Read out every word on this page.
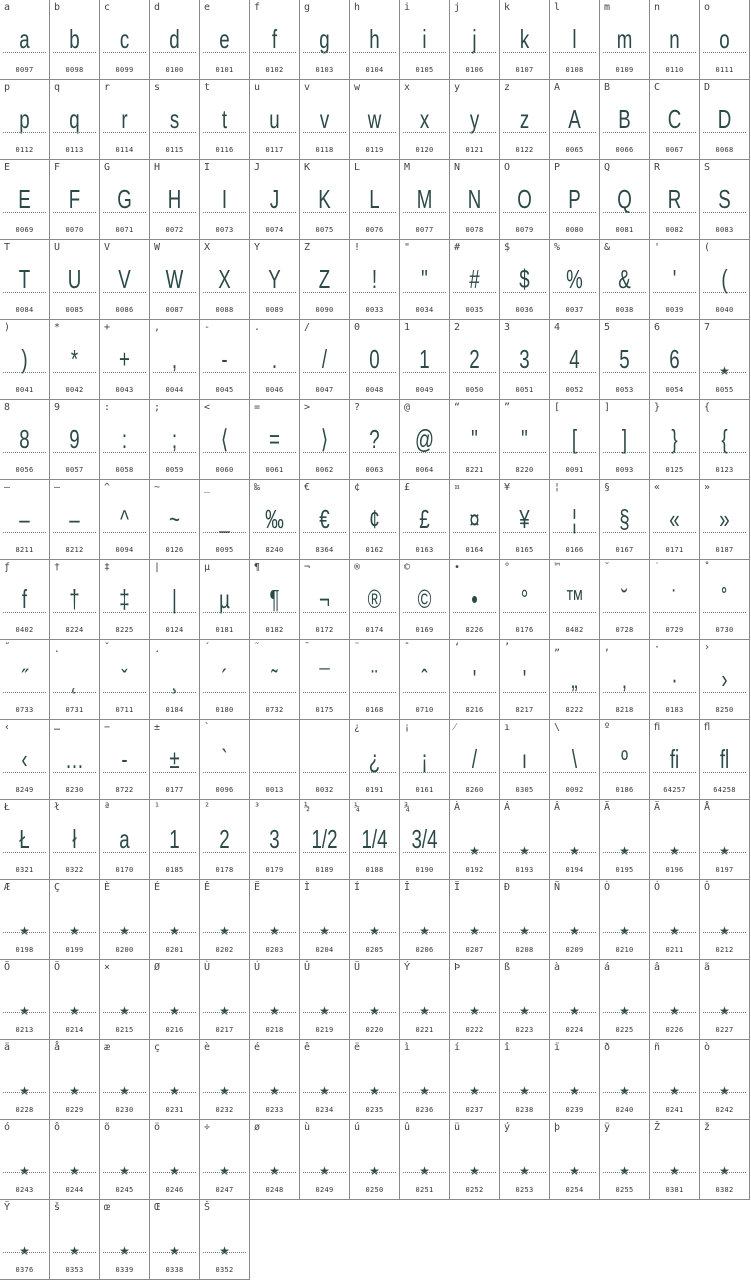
a
a
0097
b
b
0098
c
c
0099
d
d
0100
e
e
0101
f
f
0102
g
g
0103
h
h
0104
i
i
0105
j
j
0106
k
k
0107
l
l
0108
m
m
0109
n
n
0110
o
o
0111
p
p
0112
q
q
0113
r
r
0114
s
s
0115
t
t
0116
u
u
0117
v
v
0118
w
w
0119
x
x
0120
y
y
0121
z
z
0122
A
A
0065
B
B
0066
C
C
0067
D
D
0068
E
E
0069
F
F
0070
G
G
0071
H
H
0072
I
I
0073
J
J
0074
K
K
0075
L
L
0076
M
M
0077
N
N
0078
O
O
0079
P
P
0080
Q
Q
0081
R
R
0082
S
S
0083
T
T
0084
U
U
0085
V
V
0086
W
W
0087
X
X
0088
Y
Y
0089
Z
Z
0090
!
!
0033
"
"
0034
#
#
0035
$
$
0036
%
%
0037
&
&
0038
'
'
0039
(
(
0040
)
)
0041
*
*
0042
+
+
0043
,
,
0044
-
-
0045
.
.
0046
/
/
0047
0
0
0048
1
1
0049
2
2
0050
3
3
0051
4
4
0052
5
5
0053
6
6
0054
7
★
0055
8
8
0056
9
9
0057
:
:
0058
;
;
0059
<
⟨
0060
=
=
0061
>
⟩
0062
?
?
0063
@
@
0064
“
"
8221
”
"
8220
[
[
0091
]
]
0093
}
}
0125
{
{
0123
–
–
8211
—
–
8212
^
^
0094
~
~
0126
_
_
0095
‰
‰
8240
€
€
8364
¢
¢
0162
£
£
0163
¤
¤
0164
¥
¥
0165
¦
¦
0166
§
§
0167
«
«
0171
»
»
0187
ƒ
f
0402
†
†
8224
‡
‡
8225
|
|
0124
µ
µ
0181
¶
¶
0182
¬
¬
0172
®
®
0174
©
©
0169
•
•
8226
°
°
0176
™
™
8482
˘
˘
0728
˙
˙
0729
˚
˚
0730
˝
˝
0733
˛
˛
0731
ˇ
ˇ
0711
¸
¸
0184
´
´
0180
˜
˜
0732
¯
¯
0175
¨
¨
0168
ˆ
ˆ
0710
‘
'
8216
’
'
8217
„
„
8222
‚
‚
8218
·
·
0183
›
›
8250
‹
‹
8249
…
…
8230
−
-
8722
±
±
0177
`
`
0096	0013	0032
¿
¿
0191
¡
¡
0161
⁄
/
8260
ı
ı
0305
\
\
0092
º
º
0186
ﬁ
fi
64257
ﬂ
fl
64258
Ł
Ł
0321
ł
ł
0322
ª
a
0170
¹
1
0185
²
2
0178
³
3
0179
½
1/2
0189
¼
1/4
0188
¾
3/4
0190
À
★
0192
Á
★
0193
Â
★
0194
Ã
★
0195
Ä
★
0196
Å
★
0197
Æ
★
0198
Ç
★
0199
È
★
0200
É
★
0201
Ê
★
0202
Ë
★
0203
Ì
★
0204
Í
★
0205
Î
★
0206
Ï
★
0207
Ð
★
0208
Ñ
★
0209
Ò
★
0210
Ó
★
0211
Ô
★
0212
Õ
★
0213
Ö
★
0214
×
★
0215
Ø
★
0216
Ù
★
0217
Ú
★
0218
Û
★
0219
Ü
★
0220
Ý
★
0221
Þ
★
0222
ß
★
0223
à
★
0224
á
★
0225
â
★
0226
ã
★
0227
ä
★
0228
å
★
0229
æ
★
0230
ç
★
0231
è
★
0232
é
★
0233
ê
★
0234
ë
★
0235
ì
★
0236
í
★
0237
î
★
0238
ï
★
0239
ð
★
0240
ñ
★
0241
ò
★
0242
ó
★
0243
ô
★
0244
õ
★
0245
ö
★
0246
÷
★
0247
ø
★
0248
ù
★
0249
ú
★
0250
û
★
0251
ü
★
0252
ý
★
0253
þ
★
0254
ÿ
★
0255
Ž
★
0381
ž
★
0382
Ÿ
★
0376
š
★
0353
œ
★
0339
Œ
★
0338
Š
★
0352
